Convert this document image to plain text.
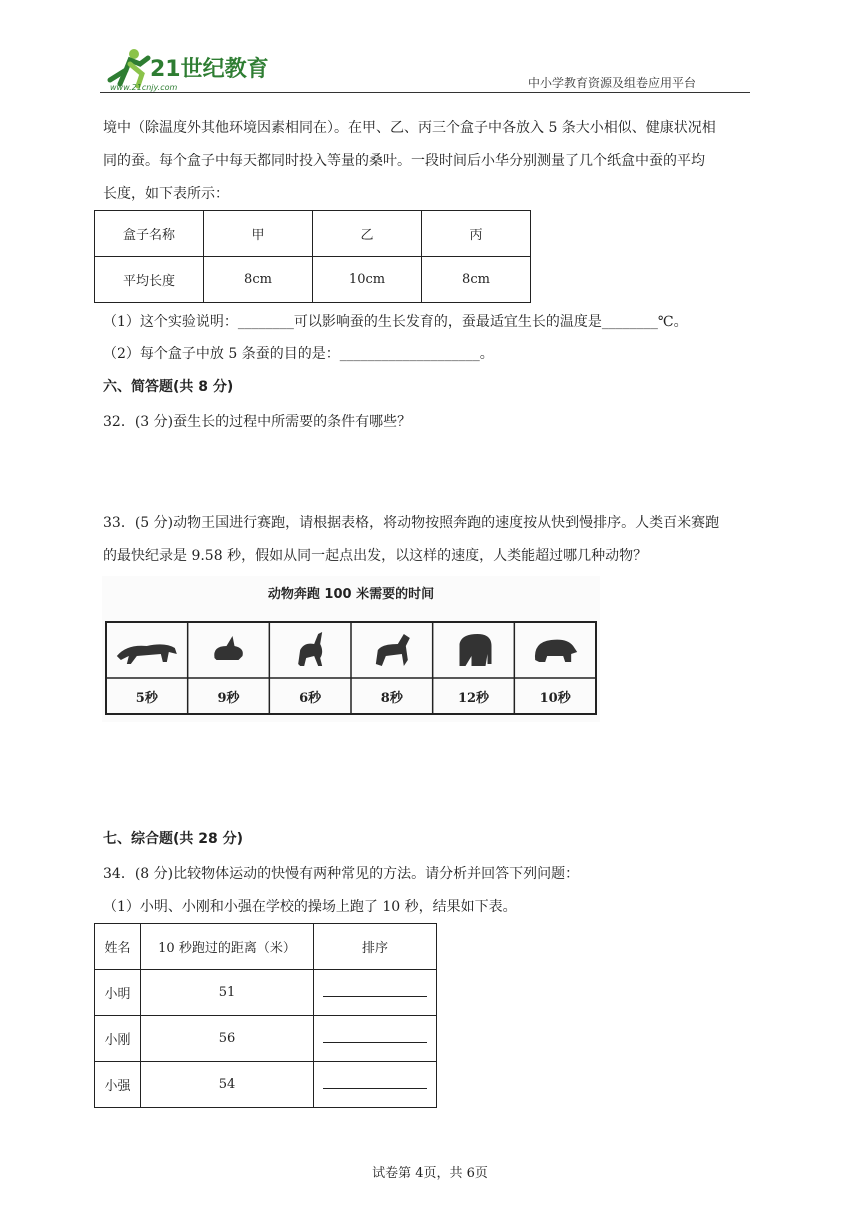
21世纪教育
www.21cnjy.com	中小学教育资源及组卷应用平台
境中（除温度外其他环境因素相同在）。在甲、乙、丙三个盒子中各放入 5 条大小相似、健康状况相
同的蚕。每个盒子中每天都同时投入等量的桑叶。一段时间后小华分别测量了几个纸盒中蚕的平均
长度，如下表所示：
盒子名称	甲	乙	丙
平均长度	8cm	10cm	8cm
（1）这个实验说明：________可以影响蚕的生长发育的，蚕最适宜生长的温度是________℃。
（2）每个盒子中放 5 条蚕的目的是：____________________。
六、简答题(共 8 分)
32．(3 分)蚕生长的过程中所需要的条件有哪些？
33．(5 分)动物王国进行赛跑，请根据表格，将动物按照奔跑的速度按从快到慢排序。人类百米赛跑
的最快纪录是 9.58 秒，假如从同一起点出发，以这样的速度，人类能超过哪几种动物？
动物奔跑 100 米需要的时间
5秒	9秒	6秒	8秒	12秒	10秒
七、综合题(共 28 分)
34．(8 分)比较物体运动的快慢有两种常见的方法。请分析并回答下列问题：
（1）小明、小刚和小强在学校的操场上跑了 10 秒，结果如下表。
姓名	10 秒跑过的距离（米）	排序
小明	51	
小刚	56	
小强	54	
试卷第 4页，共 6页
